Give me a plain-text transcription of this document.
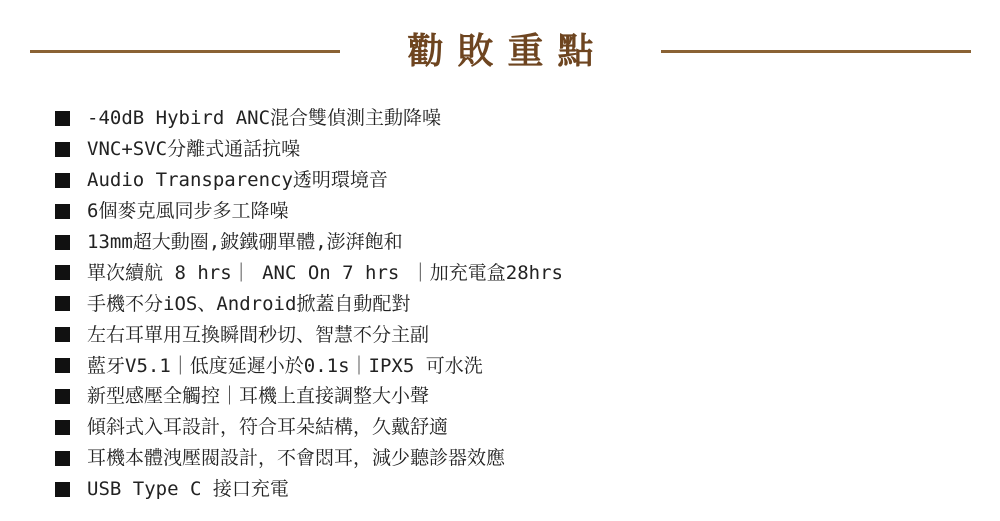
勸敗重點
-40dB Hybird ANC混合雙偵測主動降噪
VNC+SVC分離式通話抗噪
Audio Transparency透明環境音
6個麥克風同步多工降噪
13mm超大動圈,鈹鐵硼單體,澎湃飽和
單次續航 8 hrs｜ ANC On 7 hrs ｜加充電盒28hrs
手機不分iOS、Android掀蓋自動配對
左右耳單用互換瞬間秒切、智慧不分主副
藍牙V5.1｜低度延遲小於0.1s｜IPX5 可水洗
新型感壓全觸控｜耳機上直接調整大小聲
傾斜式入耳設計，符合耳朵結構，久戴舒適
耳機本體洩壓閥設計，不會悶耳，減少聽診器效應
USB Type C 接口充電
